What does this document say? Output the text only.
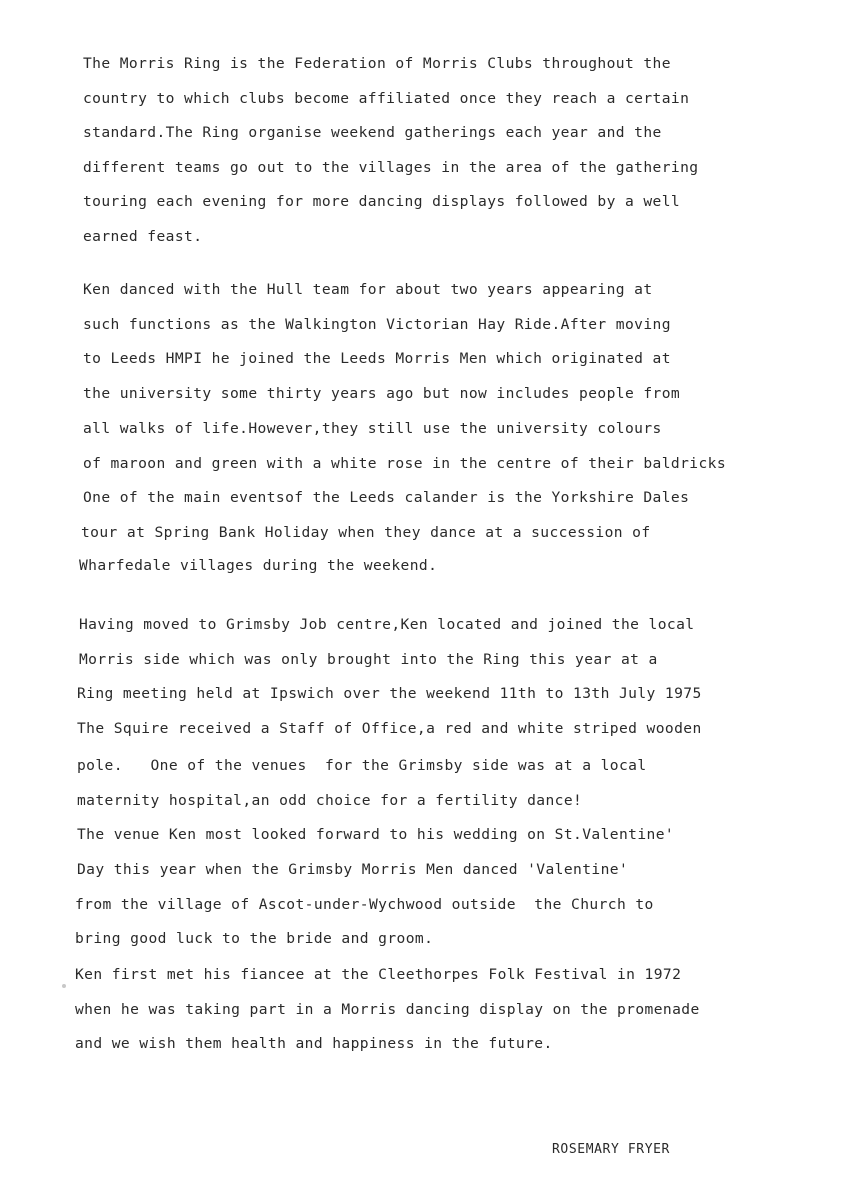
The Morris Ring is the Federation of Morris Clubs throughout the
country to which clubs become affiliated once they reach a certain
standard.The Ring organise weekend gatherings each year and the
different teams go out to the villages in the area of the gathering
touring each evening for more dancing displays followed by a well
earned feast.
Ken danced with the Hull team for about two years appearing at
such functions as the Walkington Victorian Hay Ride.After moving
to Leeds HMPI he joined the Leeds Morris Men which originated at
the university some thirty years ago but now includes people from
all walks of life.However,they still use the university colours
of maroon and green with a white rose in the centre of their baldricks
One of the main eventsof the Leeds calander is the Yorkshire Dales
tour at Spring Bank Holiday when they dance at a succession of
Wharfedale villages during the weekend.
Having moved to Grimsby Job centre,Ken located and joined the local
Morris side which was only brought into the Ring this year at a
Ring meeting held at Ipswich over the weekend 11th to 13th July 1975
The Squire received a Staff of Office,a red and white striped wooden
pole.   One of the venues  for the Grimsby side was at a local
maternity hospital,an odd choice for a fertility dance!
The venue Ken most looked forward to his wedding on St.Valentine'
Day this year when the Grimsby Morris Men danced 'Valentine'
from the village of Ascot-under-Wychwood outside  the Church to
bring good luck to the bride and groom.
Ken first met his fiancee at the Cleethorpes Folk Festival in 1972
when he was taking part in a Morris dancing display on the promenade
and we wish them health and happiness in the future.
ROSEMARY FRYER
